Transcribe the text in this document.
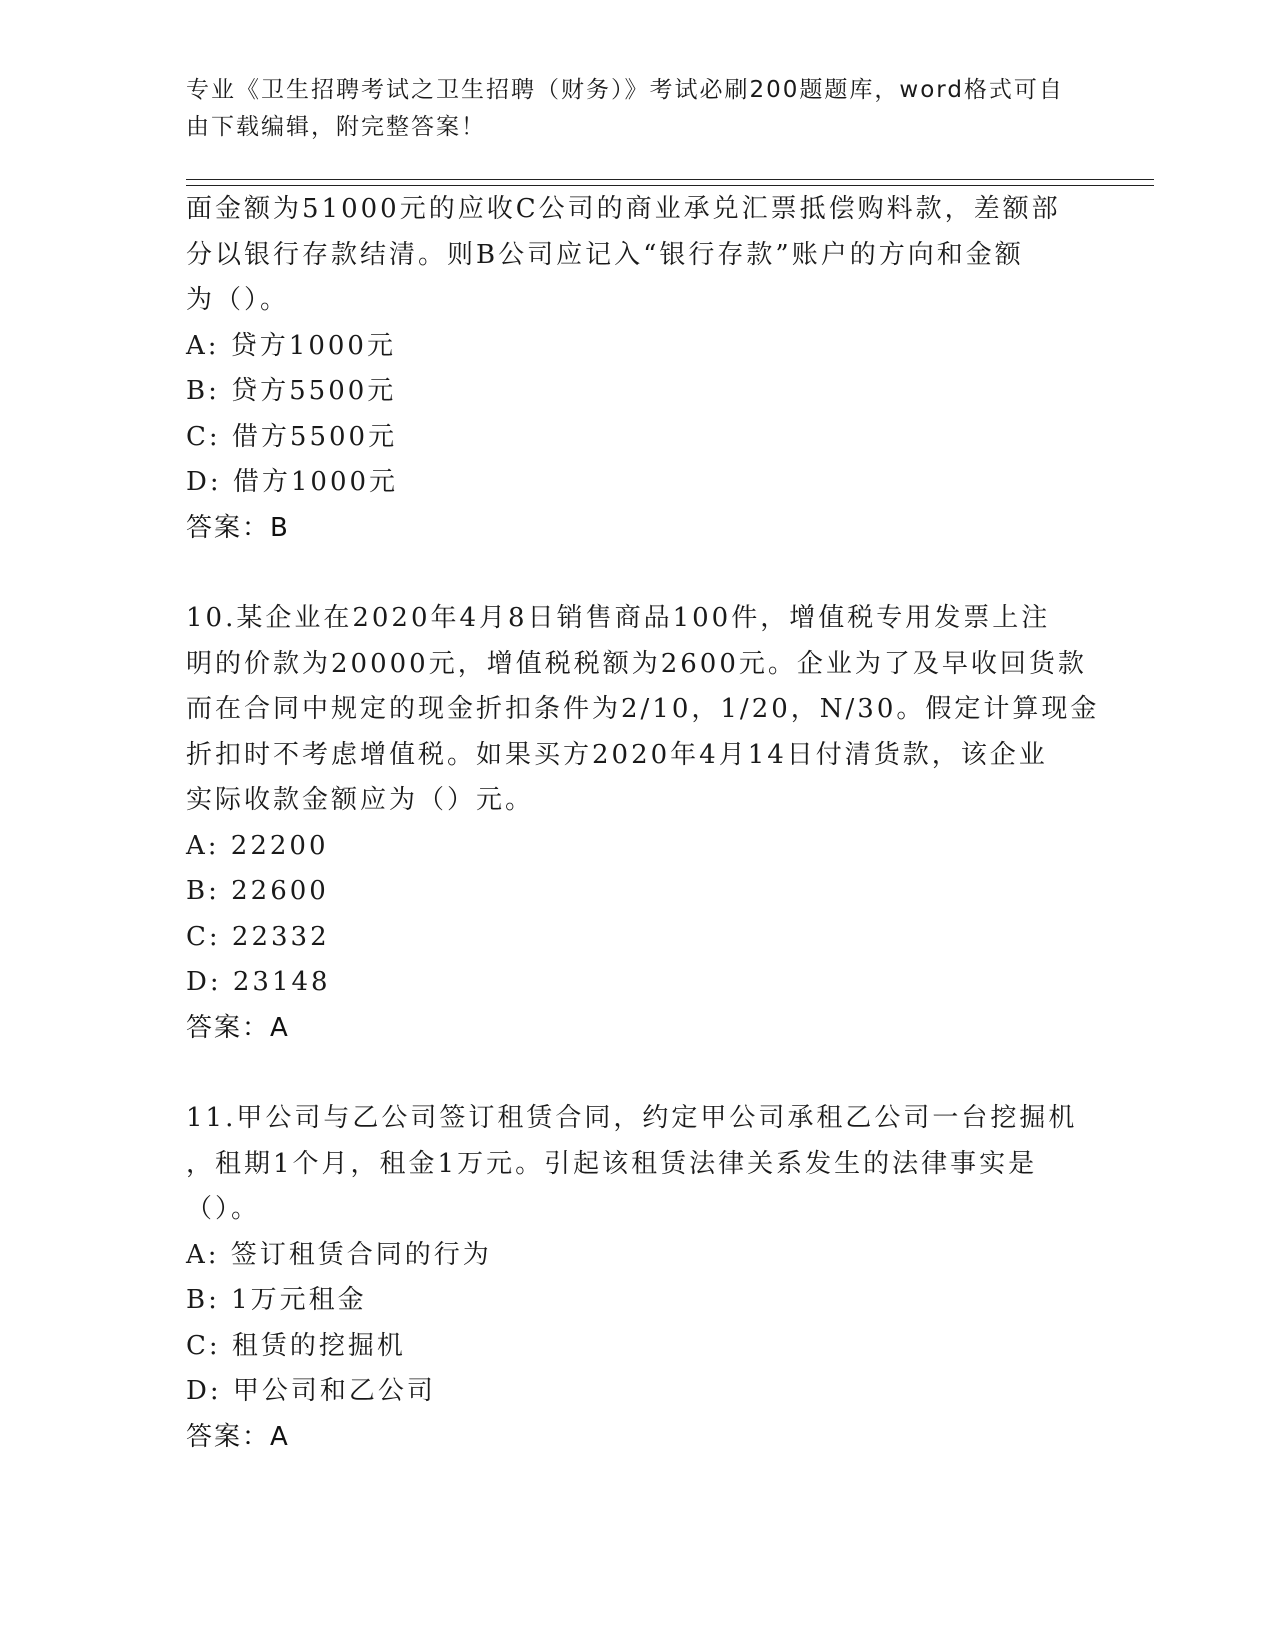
专业《卫生招聘考试之卫生招聘（财务）》考试必刷200题题库，word格式可自
由下载编辑，附完整答案！
面金额为51000元的应收C公司的商业承兑汇票抵偿购料款，差额部
分以银行存款结清。则B公司应记入“银行存款”账户的方向和金额
为（）。
A: 贷方1000元
B: 贷方5500元
C: 借方5500元
D: 借方1000元
答案：B
10.某企业在2020年4月8日销售商品100件，增值税专用发票上注
明的价款为20000元，增值税税额为2600元。企业为了及早收回货款
而在合同中规定的现金折扣条件为2/10，1/20，N/30。假定计算现金
折扣时不考虑增值税。如果买方2020年4月14日付清货款，该企业
实际收款金额应为（）元。
A: 22200
B: 22600
C: 22332
D: 23148
答案：A
11.甲公司与乙公司签订租赁合同，约定甲公司承租乙公司一台挖掘机
，租期1个月，租金1万元。引起该租赁法律关系发生的法律事实是
（）。
A: 签订租赁合同的行为
B: 1万元租金
C: 租赁的挖掘机
D: 甲公司和乙公司
答案：A
